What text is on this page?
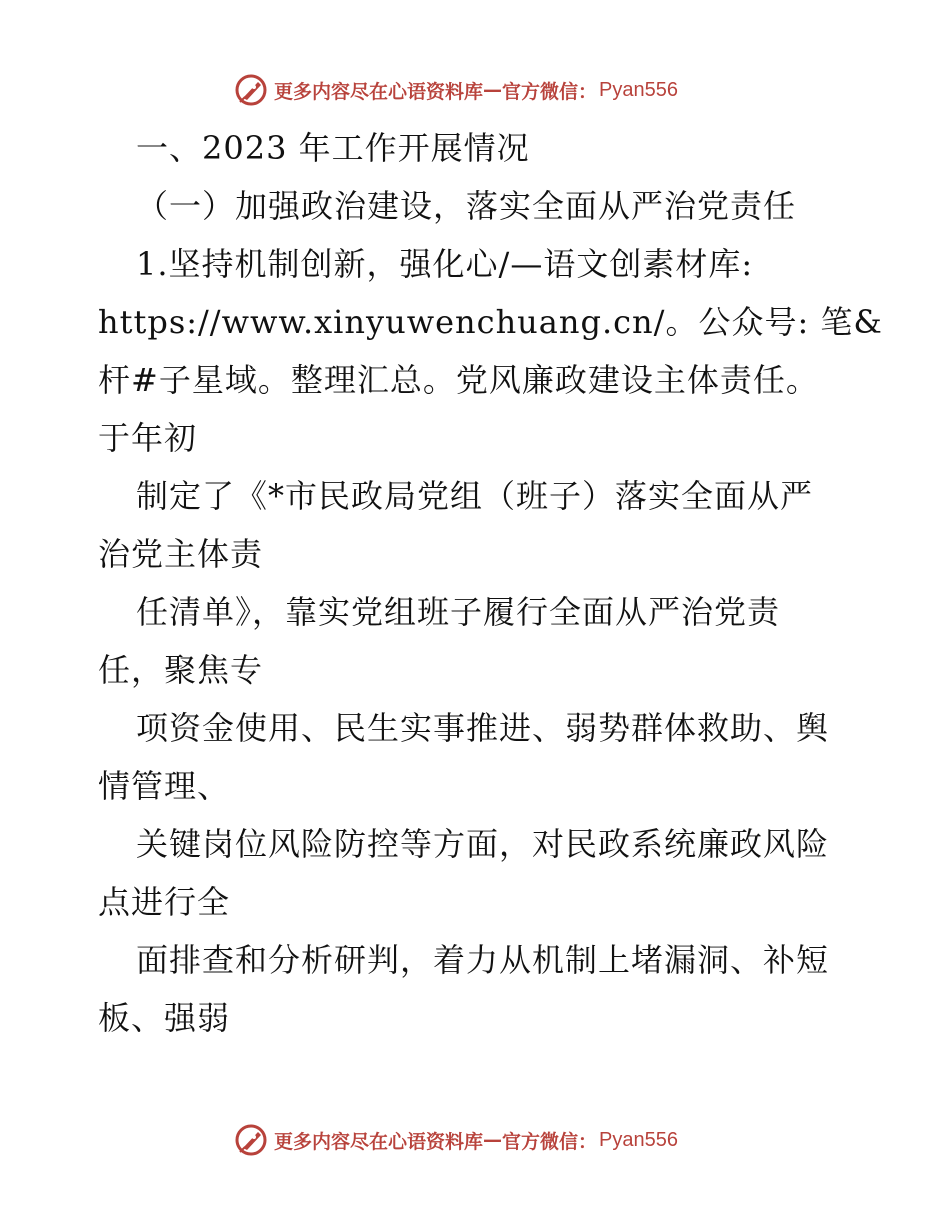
更多内容尽在心语资料库 — 官方微信： Pyan556
一、2023 年工作开展情况
（一）加强政治建设，落实全面从严治党责任
1.坚持机制创新，强化心/—语文创素材库:
https://www.xinyuwenchuang.cn/。公众号: 笔&
杆#子星域。整理汇总。党风廉政建设主体责任。
于年初
制定了《*市民政局党组（班子）落实全面从严
治党主体责
任清单》，靠实党组班子履行全面从严治党责
任，聚焦专
项资金使用、民生实事推进、弱势群体救助、舆
情管理、
关键岗位风险防控等方面，对民政系统廉政风险
点进行全
面排查和分析研判，着力从机制上堵漏洞、补短
板、强弱
更多内容尽在心语资料库 — 官方微信： Pyan556
